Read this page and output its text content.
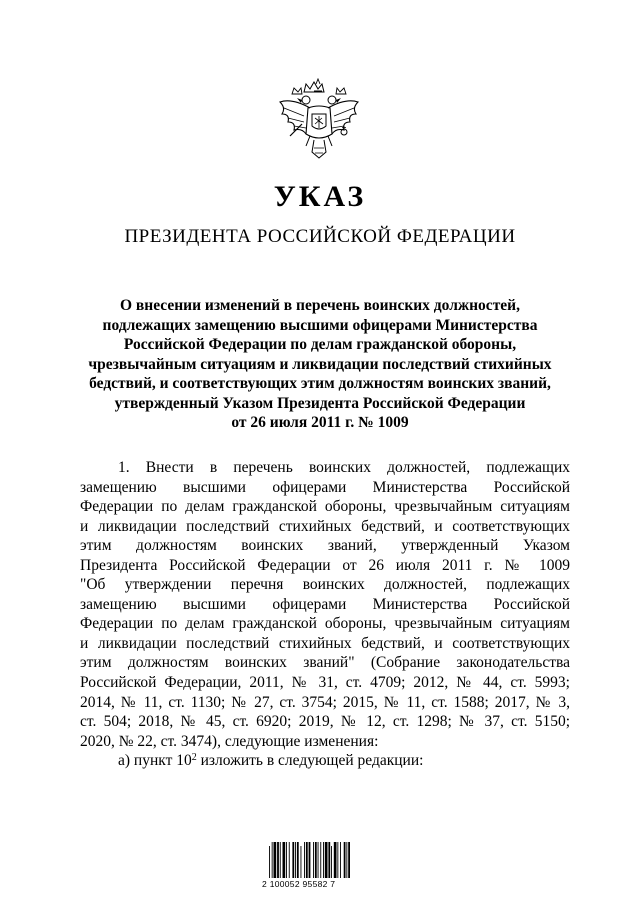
УКАЗ
ПРЕЗИДЕНТА РОССИЙСКОЙ ФЕДЕРАЦИИ
О внесении изменений в перечень воинских должностей,
подлежащих замещению высшими офицерами Министерства
Российской Федерации по делам гражданской обороны,
чрезвычайным ситуациям и ликвидации последствий стихийных
бедствий, и соответствующих этим должностям воинских званий,
утвержденный Указом Президента Российской Федерации
от 26 июля 2011 г. № 1009
1. Внести в перечень воинских должностей, подлежащих
замещению высшими офицерами Министерства Российской
Федерации по делам гражданской обороны, чрезвычайным ситуациям
и ликвидации последствий стихийных бедствий, и соответствующих
этим должностям воинских званий, утвержденный Указом
Президента Российской Федерации от 26 июля 2011 г. № 1009
"Об утверждении перечня воинских должностей, подлежащих
замещению высшими офицерами Министерства Российской
Федерации по делам гражданской обороны, чрезвычайным ситуациям
и ликвидации последствий стихийных бедствий, и соответствующих
этим должностям воинских званий" (Собрание законодательства
Российской Федерации, 2011, № 31, ст. 4709; 2012, № 44, ст. 5993;
2014, № 11, ст. 1130; № 27, ст. 3754; 2015, № 11, ст. 1588; 2017, № 3,
ст. 504; 2018, № 45, ст. 6920; 2019, № 12, ст. 1298; № 37, ст. 5150;
2020, № 22, ст. 3474), следующие изменения:
а) пункт $10^2$ изложить в следующей редакции:
2 100052 95582 7
